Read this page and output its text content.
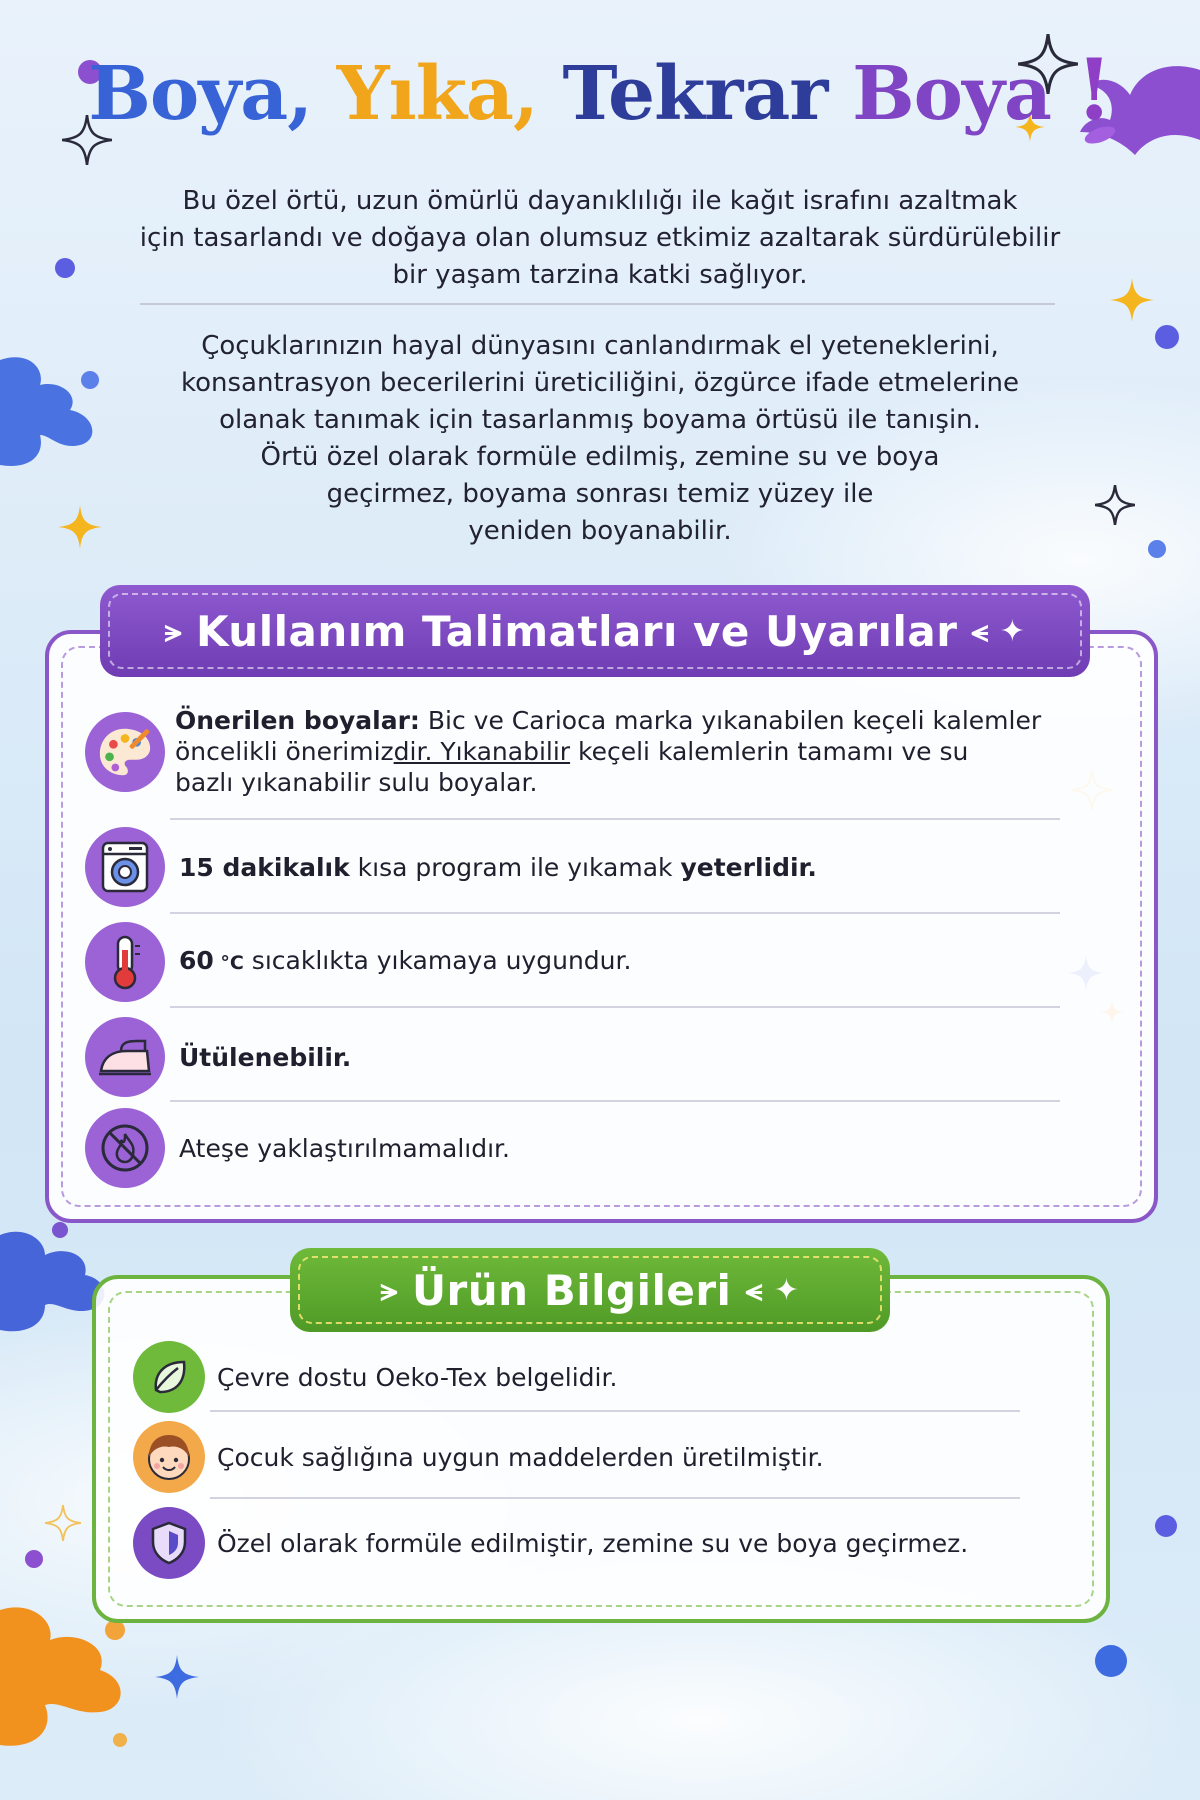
Boya, Yıka, Tekrar Boya !

Bu özel örtü, uzun ömürlü dayanıklılığı ile kağıt israfını azaltmak
için tasarlandı ve doğaya olan olumsuz etkimiz azaltarak sürdürülebilir
bir yaşam tarzina katki sağlıyor.

Çoçuklarınızın hayal dünyasını canlandırmak el yeteneklerini,
konsantrasyon becerilerini üreticiliğini, özgürce ifade etmelerine
olanak tanımak için tasarlanmış boyama örtüsü ile tanışin.
Örtü özel olarak formüle edilmiş, zemine su ve boya
geçirmez, boyama sonrası temiz yüzey ile
yeniden boyanabilir.

⪫ Kullanım Talimatları ve Uyarılar ⪪ ✦
Önerilen boyalar: Bic ve Carioca marka yıkanabilen keçeli kalemler
öncelikli önerimizdir. Yıkanabilir keçeli kalemlerin tamamı ve su
bazlı yıkanabilir sulu boyalar.
15 dakikalık kısa program ile yıkamak yeterlidir.
60 °C sıcaklıkta yıkamaya uygundur.
Ütülenebilir.
Ateşe yaklaştırılmamalıdır.
⪫ Ürün Bilgileri ⪪ ✦
Çevre dostu Oeko-Tex belgelidir.
Çocuk sağlığına uygun maddelerden üretilmiştir.
Özel olarak formüle edilmiştir, zemine su ve boya geçirmez.
